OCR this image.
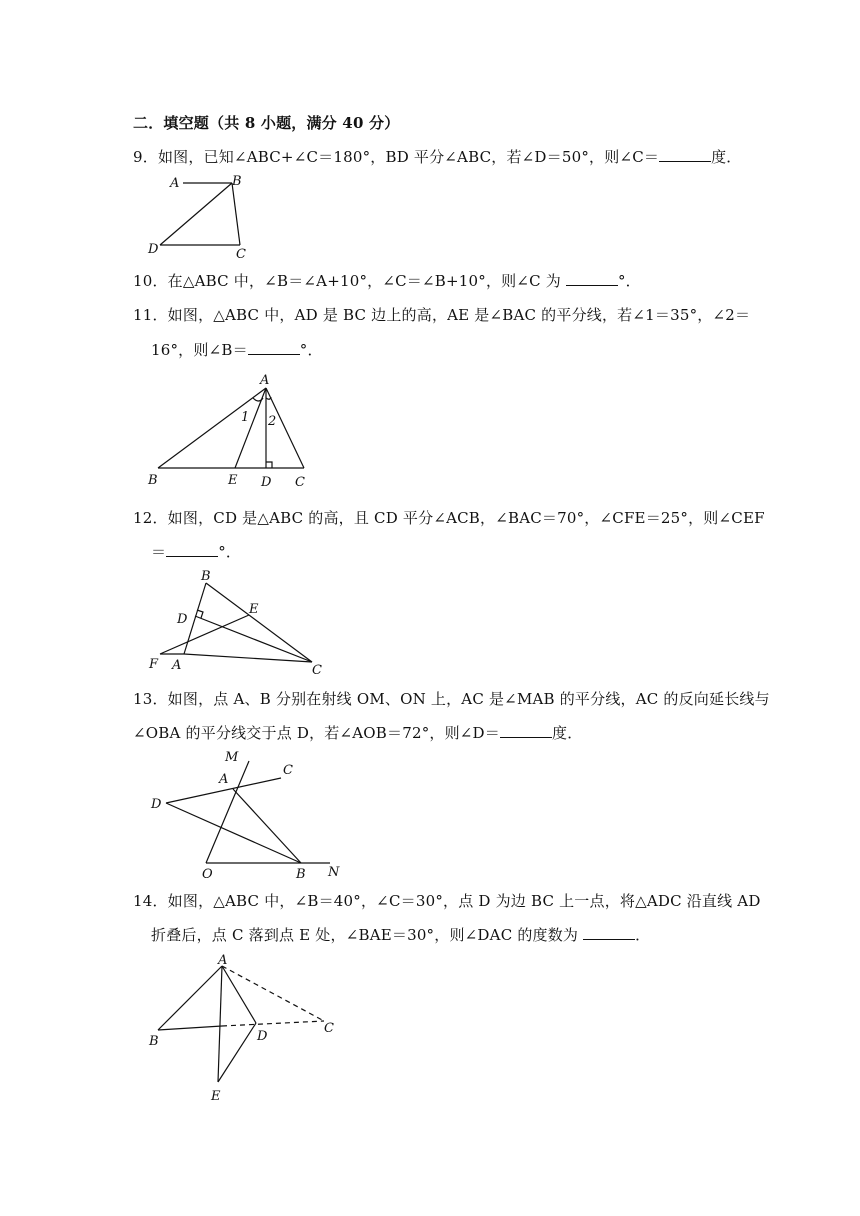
二．填空题（共 8 小题，满分 40 分）
9．如图，已知∠ABC+∠C＝180°，BD 平分∠ABC，若∠D＝50°，则∠C＝	度．
A	B
C
D
10．在△ABC 中，∠B＝∠A+10°，∠C＝∠B+10°，则∠C 为	°．
11．如图，△ABC 中，AD 是 BC 边上的高，AE 是∠BAC 的平分线，若∠1＝35°，∠2＝
16°，则∠B＝	°．
A
B	E D C
1 2
12．如图，CD 是△ABC 的高，且 CD 平分∠ACB，∠BAC＝70°，∠CFE＝25°，则∠CEF
＝	°．
B
D
E
F A	C
13．如图，点 A、B 分别在射线 OM、ON 上，AC 是∠MAB 的平分线，AC 的反向延长线与
∠OBA 的平分线交于点 D，若∠AOB＝72°，则∠D＝	度．
M
A
C
D
O	B N
14．如图，△ABC 中，∠B＝40°，∠C＝30°，点 D 为边 BC 上一点，将△ADC 沿直线 AD
折叠后，点 C 落到点 E 处，∠BAE＝30°，则∠DAC 的度数为	．
A
B	D
C
E
